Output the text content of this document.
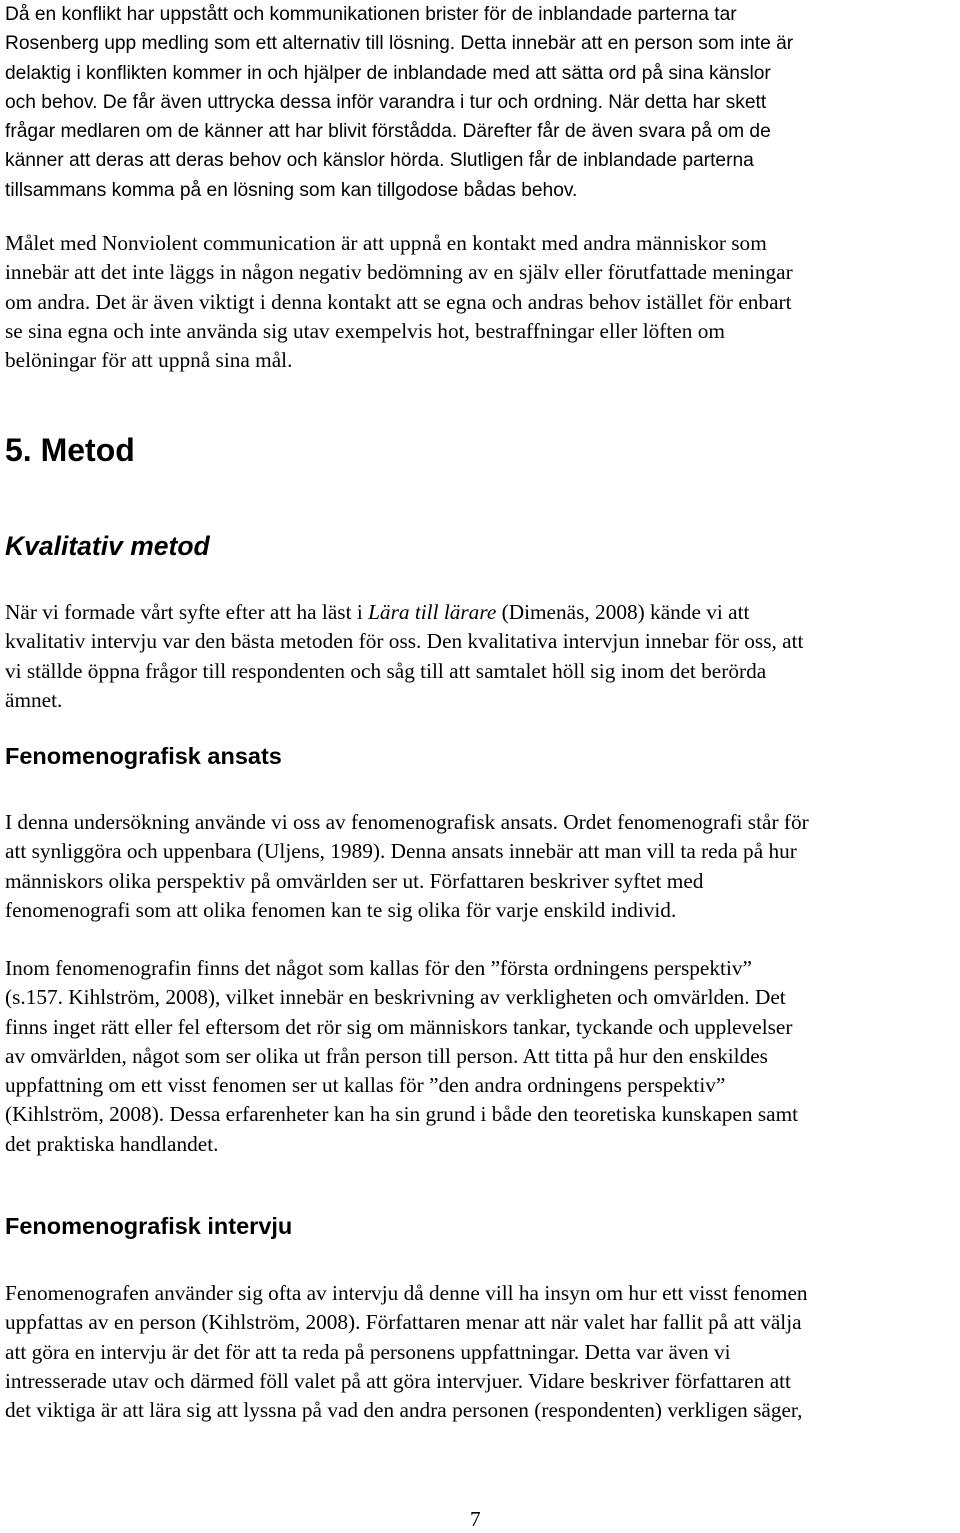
Då en konflikt har uppstått och kommunikationen brister för de inblandade parterna tar
Rosenberg upp medling som ett alternativ till lösning. Detta innebär att en person som inte är
delaktig i konflikten kommer in och hjälper de inblandade med att sätta ord på sina känslor
och behov. De får även uttrycka dessa inför varandra i tur och ordning. När detta har skett
frågar medlaren om de känner att har blivit förstådda. Därefter får de även svara på om de
känner att deras att deras behov och känslor hörda. Slutligen får de inblandade parterna
tillsammans komma på en lösning som kan tillgodose bådas behov.

Målet med Nonviolent communication är att uppnå en kontakt med andra människor som
innebär att det inte läggs in någon negativ bedömning av en själv eller förutfattade meningar
om andra. Det är även viktigt i denna kontakt att se egna och andras behov istället för enbart
se sina egna och inte använda sig utav exempelvis hot, bestraffningar eller löften om
belöningar för att uppnå sina mål.

5. Metod
Kvalitativ metod

När vi formade vårt syfte efter att ha läst i Lära till lärare (Dimenäs, 2008) kände vi att
kvalitativ intervju var den bästa metoden för oss. Den kvalitativa intervjun innebar för oss, att
vi ställde öppna frågor till respondenten och såg till att samtalet höll sig inom det berörda
ämnet.

Fenomenografisk ansats

I denna undersökning använde vi oss av fenomenografisk ansats. Ordet fenomenografi står för
att synliggöra och uppenbara (Uljens, 1989). Denna ansats innebär att man vill ta reda på hur
människors olika perspektiv på omvärlden ser ut. Författaren beskriver syftet med
fenomenografi som att olika fenomen kan te sig olika för varje enskild individ.

Inom fenomenografin finns det något som kallas för den ”första ordningens perspektiv”
(s.157. Kihlström, 2008), vilket innebär en beskrivning av verkligheten och omvärlden. Det
finns inget rätt eller fel eftersom det rör sig om människors tankar, tyckande och upplevelser
av omvärlden, något som ser olika ut från person till person. Att titta på hur den enskildes
uppfattning om ett visst fenomen ser ut kallas för ”den andra ordningens perspektiv”
(Kihlström, 2008). Dessa erfarenheter kan ha sin grund i både den teoretiska kunskapen samt
det praktiska handlandet.

Fenomenografisk intervju

Fenomenografen använder sig ofta av intervju då denne vill ha insyn om hur ett visst fenomen
uppfattas av en person (Kihlström, 2008). Författaren menar att när valet har fallit på att välja
att göra en intervju är det för att ta reda på personens uppfattningar. Detta var även vi
intresserade utav och därmed föll valet på att göra intervjuer. Vidare beskriver författaren att
det viktiga är att lära sig att lyssna på vad den andra personen (respondenten) verkligen säger,

7
